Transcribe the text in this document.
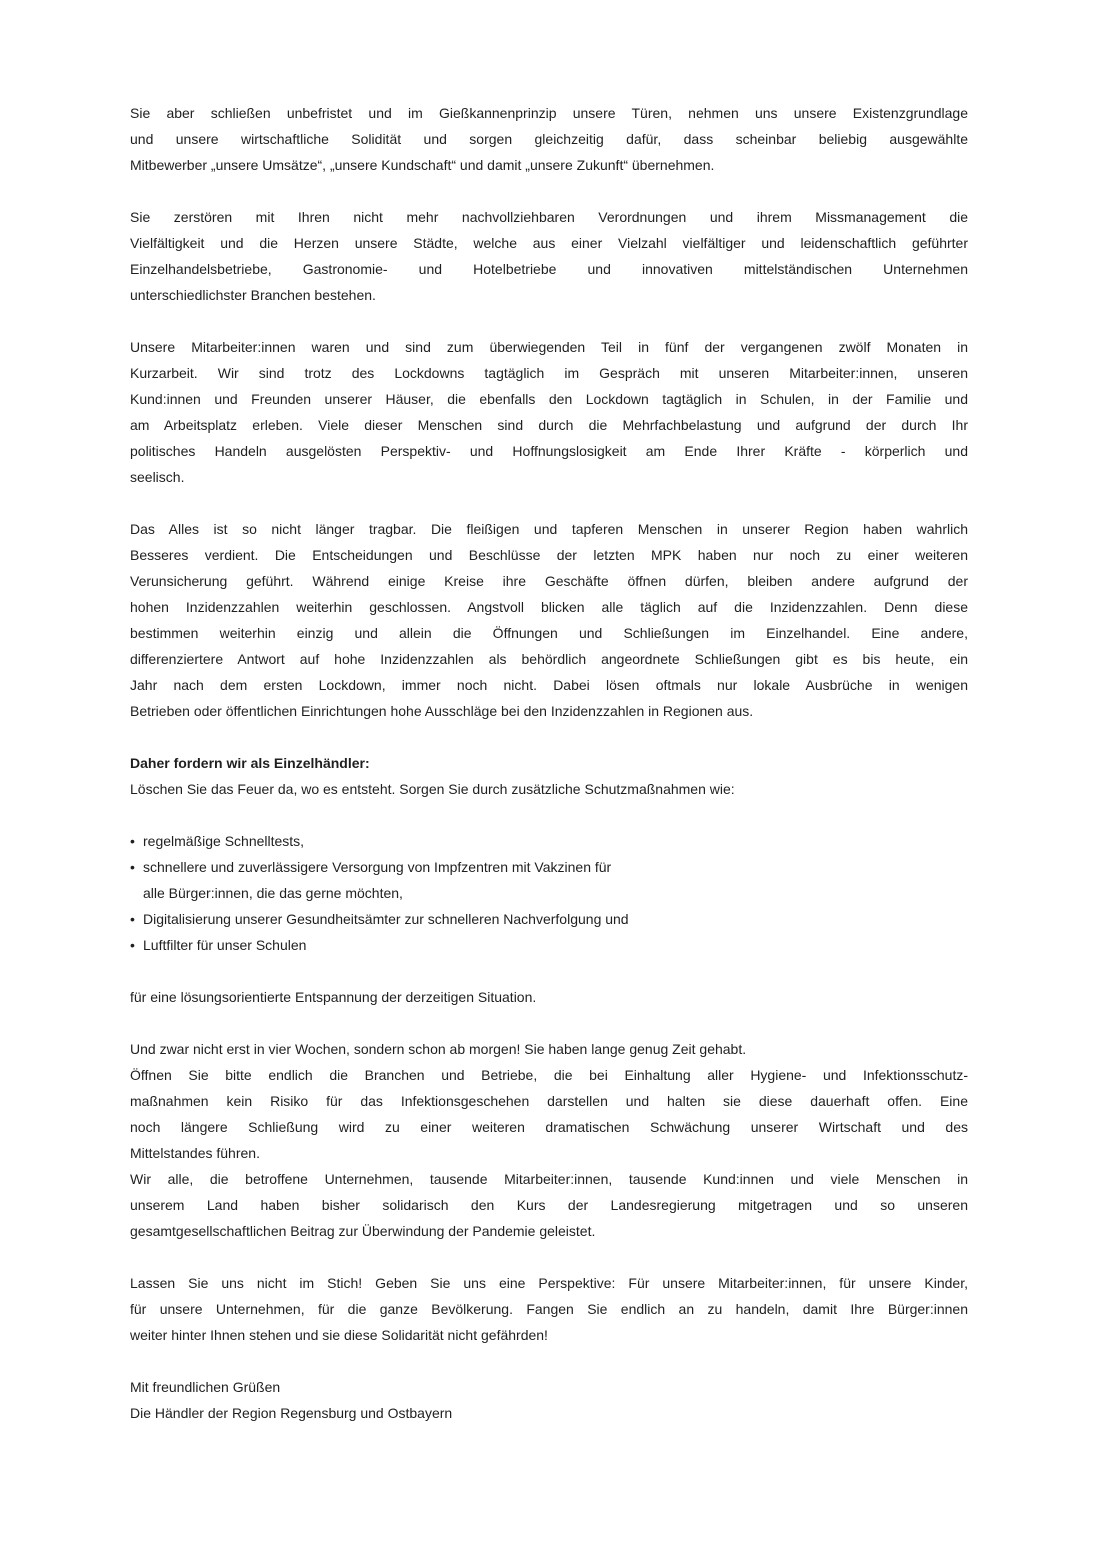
Sie aber schließen unbefristet und im Gießkannenprinzip unsere Türen, nehmen uns unsere Existenzgrundlage
und unsere wirtschaftliche Solidität und sorgen gleichzeitig dafür, dass scheinbar beliebig ausgewählte
Mitbewerber „unsere Umsätze“, „unsere Kundschaft“ und damit „unsere Zukunft“ übernehmen.
Sie zerstören mit Ihren nicht mehr nachvollziehbaren Verordnungen und ihrem Missmanagement die
Vielfältigkeit und die Herzen unsere Städte, welche aus einer Vielzahl vielfältiger und leidenschaftlich geführter
Einzelhandelsbetriebe, Gastronomie- und Hotelbetriebe und innovativen mittelständischen Unternehmen
unterschiedlichster Branchen bestehen.
Unsere Mitarbeiter:innen waren und sind zum überwiegenden Teil in fünf der vergangenen zwölf Monaten in
Kurzarbeit. Wir sind trotz des Lockdowns tagtäglich im Gespräch mit unseren Mitarbeiter:innen, unseren
Kund:innen und Freunden unserer Häuser, die ebenfalls den Lockdown tagtäglich in Schulen, in der Familie und
am Arbeitsplatz erleben. Viele dieser Menschen sind durch die Mehrfachbelastung und aufgrund der durch Ihr
politisches Handeln ausgelösten Perspektiv- und Hoffnungslosigkeit am Ende Ihrer Kräfte - körperlich und
seelisch.
Das Alles ist so nicht länger tragbar. Die fleißigen und tapferen Menschen in unserer Region haben wahrlich
Besseres verdient. Die Entscheidungen und Beschlüsse der letzten MPK haben nur noch zu einer weiteren
Verunsicherung geführt. Während einige Kreise ihre Geschäfte öffnen dürfen, bleiben andere aufgrund der
hohen Inzidenzzahlen weiterhin geschlossen. Angstvoll blicken alle täglich auf die Inzidenzzahlen. Denn diese
bestimmen weiterhin einzig und allein die Öffnungen und Schließungen im Einzelhandel. Eine andere,
differenziertere Antwort auf hohe Inzidenzzahlen als behördlich angeordnete Schließungen gibt es bis heute, ein
Jahr nach dem ersten Lockdown, immer noch nicht. Dabei lösen oftmals nur lokale Ausbrüche in wenigen
Betrieben oder öffentlichen Einrichtungen hohe Ausschläge bei den Inzidenzzahlen in Regionen aus.
Daher fordern wir als Einzelhändler:
Löschen Sie das Feuer da, wo es entsteht. Sorgen Sie durch zusätzliche Schutzmaßnahmen wie:
• regelmäßige Schnelltests,
• schnellere und zuverlässigere Versorgung von Impfzentren mit Vakzinen für
alle Bürger:innen, die das gerne möchten,
• Digitalisierung unserer Gesundheitsämter zur schnelleren Nachverfolgung und
• Luftfilter für unser Schulen
für eine lösungsorientierte Entspannung der derzeitigen Situation.
Und zwar nicht erst in vier Wochen, sondern schon ab morgen! Sie haben lange genug Zeit gehabt.
Öffnen Sie bitte endlich die Branchen und Betriebe, die bei Einhaltung aller Hygiene- und Infektionsschutz-
maßnahmen kein Risiko für das Infektionsgeschehen darstellen und halten sie diese dauerhaft offen. Eine
noch längere Schließung wird zu einer weiteren dramatischen Schwächung unserer Wirtschaft und des
Mittelstandes führen.
Wir alle, die betroffene Unternehmen, tausende Mitarbeiter:innen, tausende Kund:innen und viele Menschen in
unserem Land haben bisher solidarisch den Kurs der Landesregierung mitgetragen und so unseren
gesamtgesellschaftlichen Beitrag zur Überwindung der Pandemie geleistet.
Lassen Sie uns nicht im Stich! Geben Sie uns eine Perspektive: Für unsere Mitarbeiter:innen, für unsere Kinder,
für unsere Unternehmen, für die ganze Bevölkerung. Fangen Sie endlich an zu handeln, damit Ihre Bürger:innen
weiter hinter Ihnen stehen und sie diese Solidarität nicht gefährden!
Mit freundlichen Grüßen
Die Händler der Region Regensburg und Ostbayern
